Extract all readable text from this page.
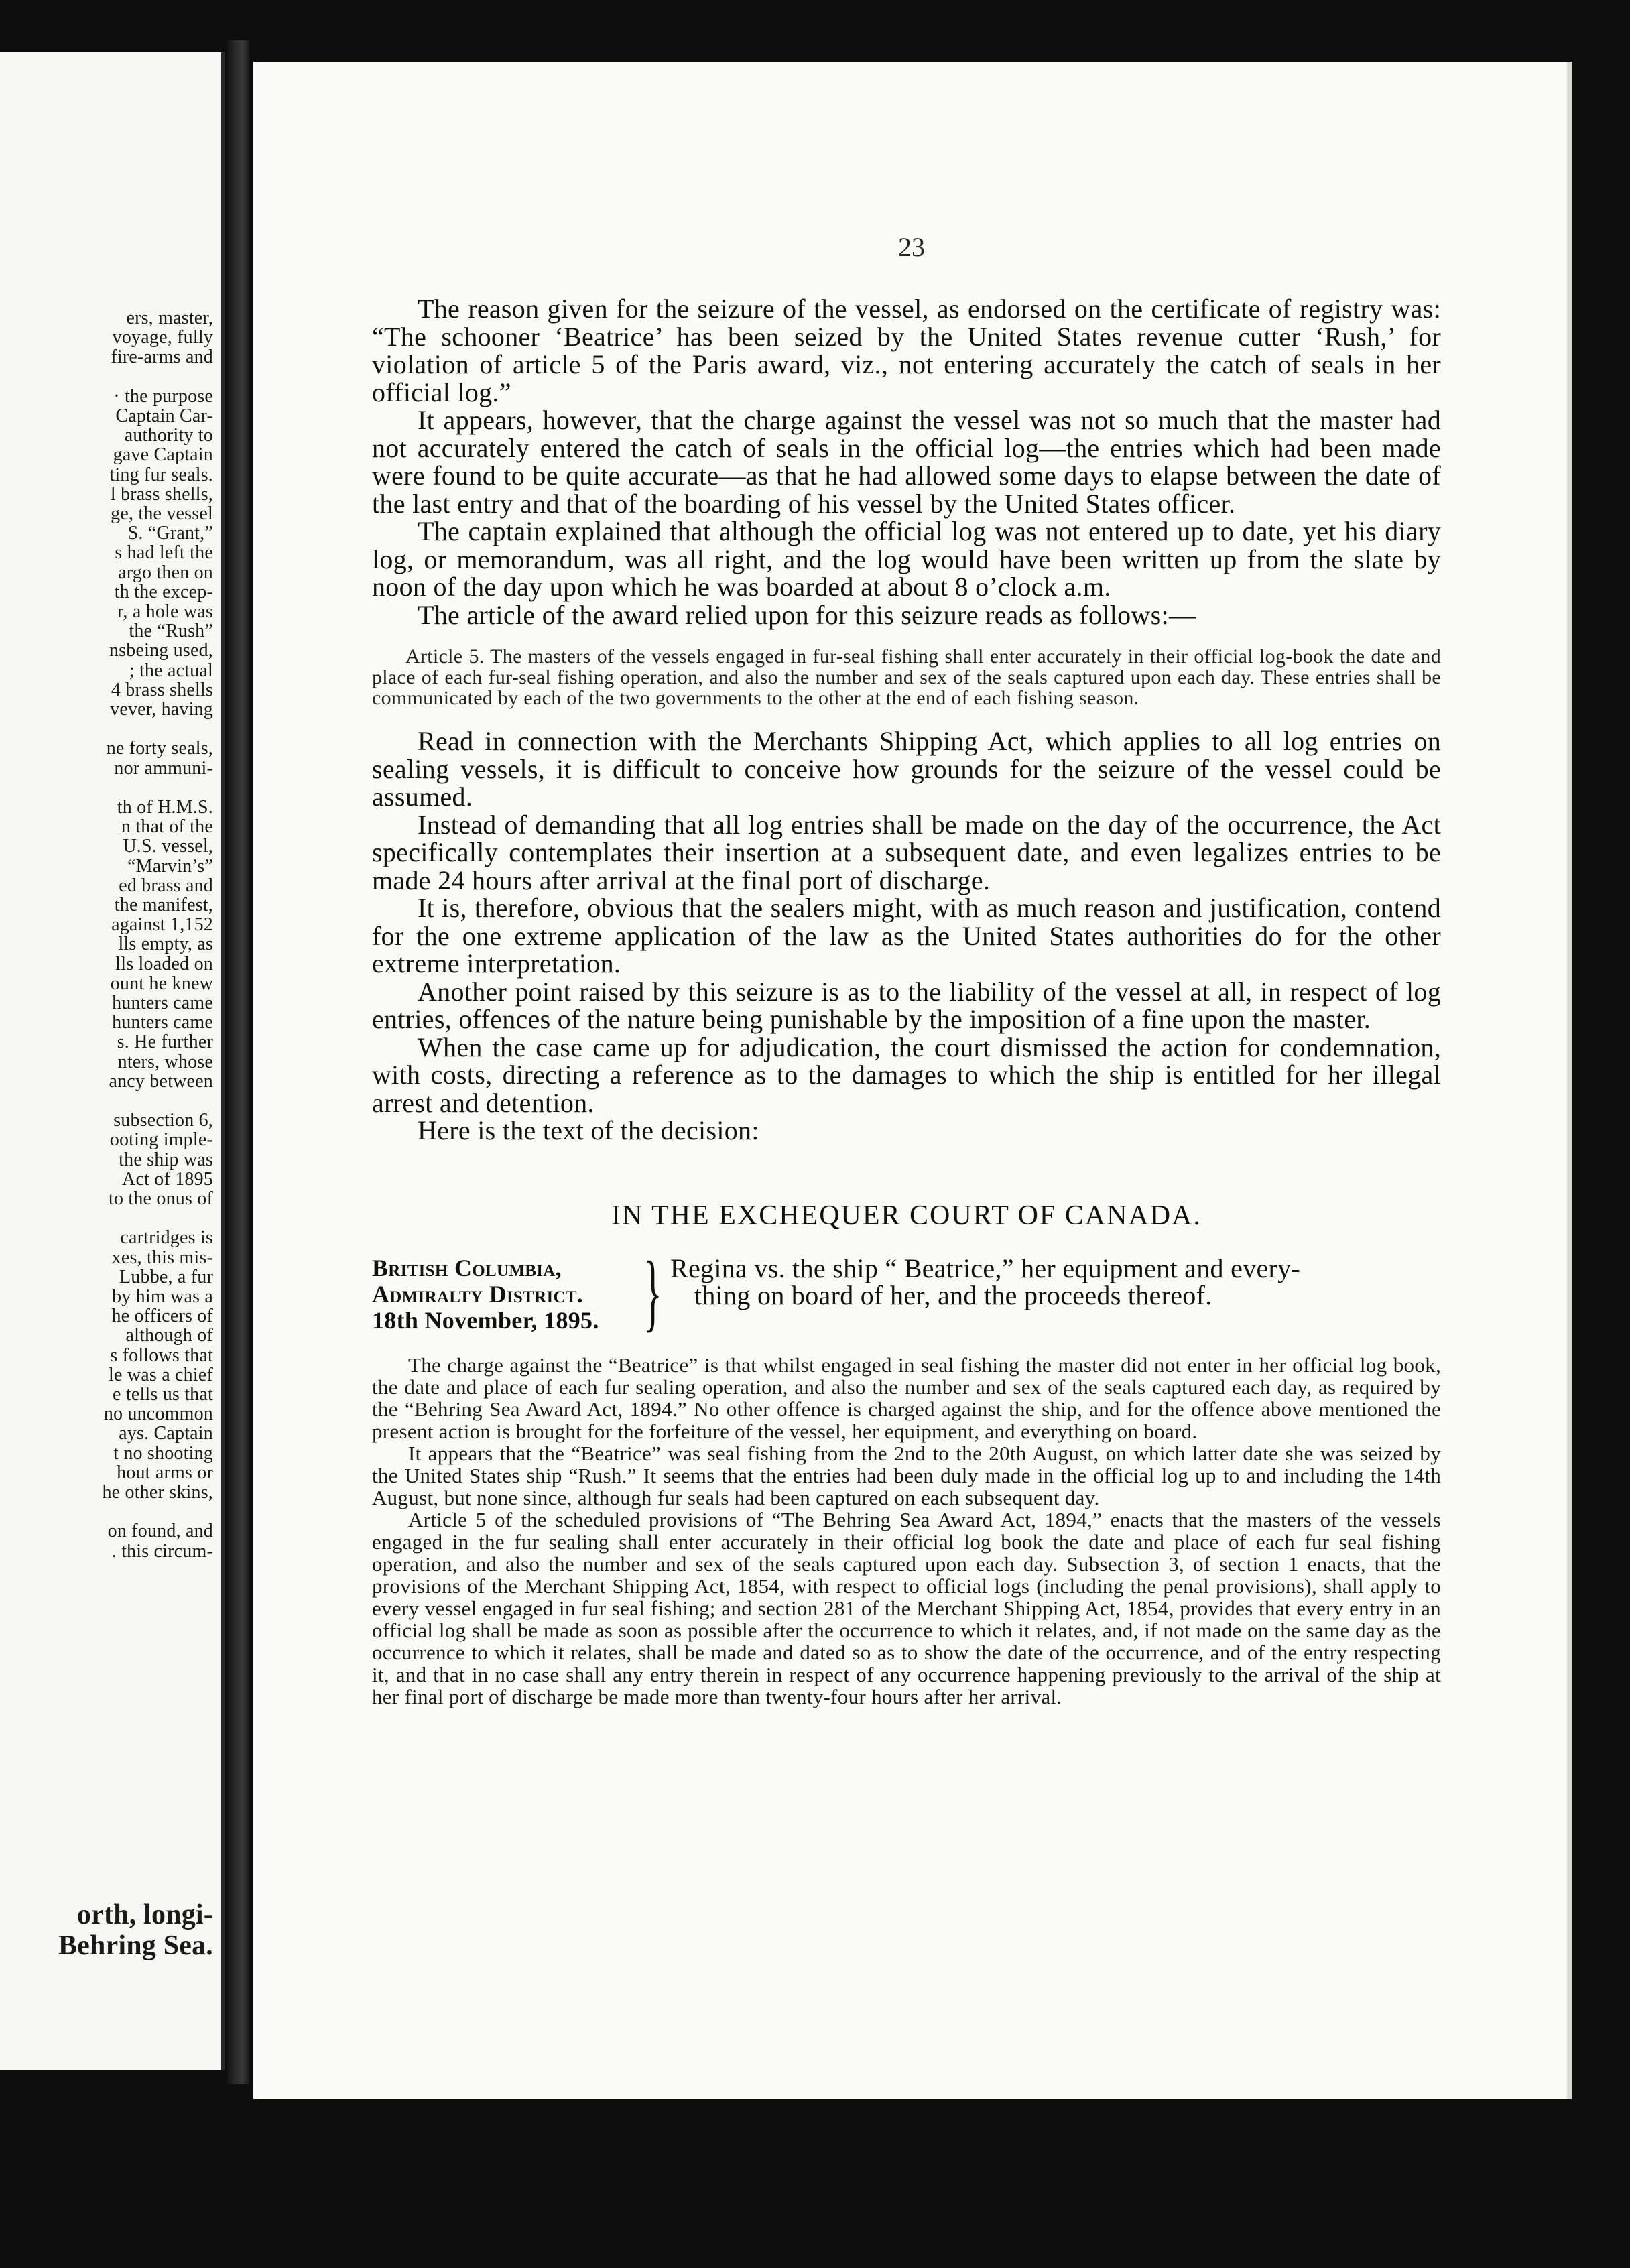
ers, master,
voyage, fully
fire-arms and
· the purpose
Captain Car-
authority to
gave Captain
ting fur seals.
l brass shells,
ge, the vessel
S. “Grant,”
s had left the
argo then on
th the excep-
r, a hole was
the “Rush”
nsbeing used,
; the actual
4 brass shells
vever, having
ne forty seals,
nor ammuni-
th of H.M.S.
n that of the
U.S. vessel,
“Marvin’s”
ed brass and
the manifest,
against 1,152
lls empty, as
lls loaded on
ount he knew
hunters came
hunters came
s. He further
nters, whose
ancy between
subsection 6,
ooting imple-
the ship was
Act of 1895
to the onus of
cartridges is
xes, this mis-
Lubbe, a fur
by him was a
he officers of
although of
s follows that
le was a chief
e tells us that
no uncommon
ays. Captain
t no shooting
hout arms or
he other skins,
on found, and
. this circum-
orth, longi-
Behring Sea.
23

The reason given for the seizure of the vessel, as endorsed on the certificate of registry was: “The schooner ‘Beatrice’ has been seized by the United States revenue cutter ‘Rush,’ for violation of article 5 of the Paris award, viz., not entering accurately the catch of seals in her official log.”

It appears, however, that the charge against the vessel was not so much that the master had not accurately entered the catch of seals in the official log—the entries which had been made were found to be quite accurate—as that he had allowed some days to elapse between the date of the last entry and that of the boarding of his vessel by the United States officer.

The captain explained that although the official log was not entered up to date, yet his diary log, or memorandum, was all right, and the log would have been written up from the slate by noon of the day upon which he was boarded at about 8 o’clock a.m.

The article of the award relied upon for this seizure reads as follows:—

Article 5. The masters of the vessels engaged in fur-seal fishing shall enter accurately in their official log-book the date and place of each fur-seal fishing operation, and also the number and sex of the seals captured upon each day. These entries shall be communicated by each of the two governments to the other at the end of each fishing season.

Read in connection with the Merchants Shipping Act, which applies to all log entries on sealing vessels, it is difficult to conceive how grounds for the seizure of the vessel could be assumed.

Instead of demanding that all log entries shall be made on the day of the occurrence, the Act specifically contemplates their insertion at a subsequent date, and even legalizes entries to be made 24 hours after arrival at the final port of discharge.

It is, therefore, obvious that the sealers might, with as much reason and justification, contend for the one extreme application of the law as the United States authorities do for the other extreme interpretation.

Another point raised by this seizure is as to the liability of the vessel at all, in respect of log entries, offences of the nature being punishable by the imposition of a fine upon the master.

When the case came up for adjudication, the court dismissed the action for condemnation, with costs, directing a reference as to the damages to which the ship is entitled for her illegal arrest and detention.

Here is the text of the decision:

IN THE EXCHEQUER COURT OF CANADA.

British Columbia,
Admiralty District.
18th November, 1895. } Regina vs. the ship “ Beatrice,” her equipment and every-
thing on board of her, and the proceeds thereof.

The charge against the “Beatrice” is that whilst engaged in seal fishing the master did not enter in her official log book, the date and place of each fur sealing operation, and also the number and sex of the seals captured each day, as required by the “Behring Sea Award Act, 1894.” No other offence is charged against the ship, and for the offence above mentioned the present action is brought for the forfeiture of the vessel, her equipment, and everything on board.

It appears that the “Beatrice” was seal fishing from the 2nd to the 20th August, on which latter date she was seized by the United States ship “Rush.” It seems that the entries had been duly made in the official log up to and including the 14th August, but none since, although fur seals had been captured on each subsequent day.

Article 5 of the scheduled provisions of “The Behring Sea Award Act, 1894,” enacts that the masters of the vessels engaged in the fur sealing shall enter accurately in their official log book the date and place of each fur seal fishing operation, and also the number and sex of the seals captured upon each day. Subsection 3, of section 1 enacts, that the provisions of the Merchant Shipping Act, 1854, with respect to official logs (including the penal provisions), shall apply to every vessel engaged in fur seal fishing; and section 281 of the Merchant Shipping Act, 1854, provides that every entry in an official log shall be made as soon as possible after the occurrence to which it relates, and, if not made on the same day as the occurrence to which it relates, shall be made and dated so as to show the date of the occurrence, and of the entry respecting it, and that in no case shall any entry therein in respect of any occurrence happening previously to the arrival of the ship at her final port of discharge be made more than twenty-four hours after her arrival.
